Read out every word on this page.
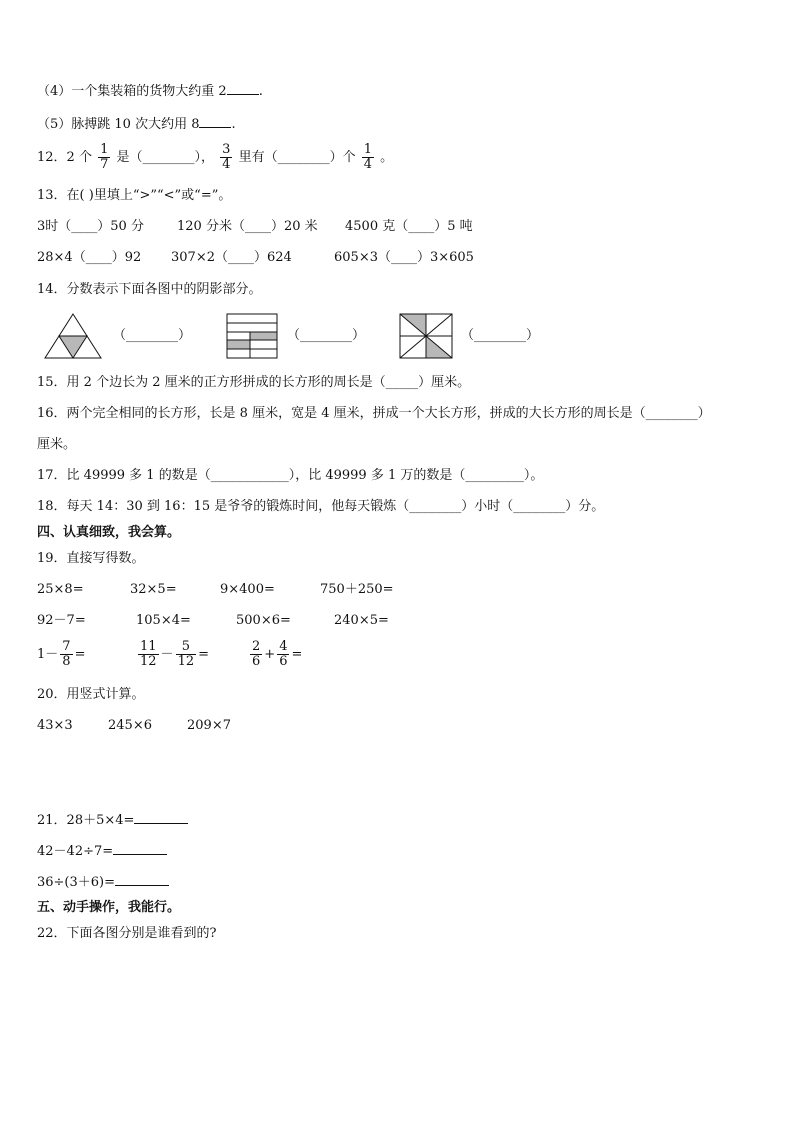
（4）一个集装箱的货物大约重 2 .
（5）脉搏跳 10 次大约用 8 .
12．2 个 $\frac{1}{7}$ 是（________）， $\frac{3}{4}$ 里有（________）个 $\frac{1}{4}$ 。
13．在( )里填上“>”“<”或“=”。
3时（____）50 分	120 分米（____）20 米 4500 克（____）5 吨
28×4（____）92 307×2（____）624	605×3（____）3×605
14．分数表示下面各图中的阴影部分。
（________）	（________）	（________）
15．用 2 个边长为 2 厘米的正方形拼成的长方形的周长是（_____）厘米。
16．两个完全相同的长方形，长是 8 厘米，宽是 4 厘米，拼成一个大长方形，拼成的大长方形的周长是（________）
厘米。
17．比 49999 多 1 的数是（____________），比 49999 多 1 万的数是（_________）。
18．每天 14：30 到 16：15 是爷爷的锻炼时间，他每天锻炼（________）小时（________）分。
四、认真细致，我会算。
19．直接写得数。
25×8=	32×5=	9×400=	750＋250=
92－7=	105×4=	500×6=	240×5=
$1- \frac{7}{8}$ =	$\frac{11}{12} - \frac{5}{12}$ =	$\frac{2}{6} + \frac{4}{6}$ =
20．用竖式计算。
43×3	245×6	209×7
21．28＋5×4=
42－42÷7=
36÷(3＋6)=
五、动手操作，我能行。
22．下面各图分别是谁看到的?
